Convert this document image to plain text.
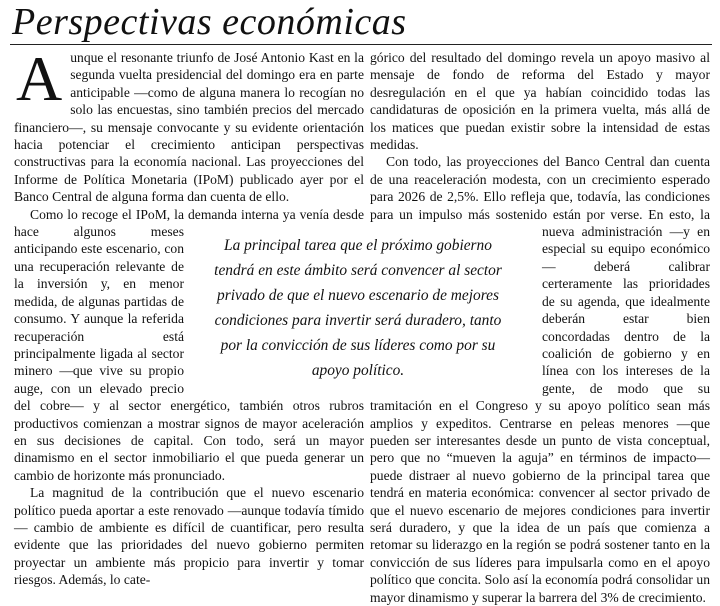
Perspectivas económicas

Aunque el resonante triunfo de José Antonio Kast en la segunda vuelta presidencial del domingo era en parte anticipable —como de alguna manera lo recogían no solo las encuestas, sino también precios del mercado financiero—, su mensaje convocante y su evidente orientación hacia potenciar el crecimiento anticipan perspectivas constructivas para la economía nacional. Las proyecciones del Informe de Política Monetaria (IPoM) publicado ayer por el Banco Central de alguna forma dan cuenta de ello.

Como lo recoge el IPoM, la demanda interna ya venía desde hace algunos meses anticipando este escenario, con una recuperación relevante de la inversión y, en menor medida, de algunas partidas de consumo. Y aunque la referida recuperación está principalmente ligada al sector minero —que vive su propio auge, con un elevado precio del cobre— y al sector energético, también otros rubros productivos comienzan a mostrar signos de mayor aceleración en sus decisiones de capital. Con todo, será un mayor dinamismo en el sector inmobiliario el que pueda generar un cambio de horizonte más pronunciado.

La magnitud de la contribución que el nuevo escenario político pueda aportar a este renovado —aunque todavía tímido— cambio de ambiente es difícil de cuantificar, pero resulta evidente que las prioridades del nuevo gobierno permiten proyectar un ambiente más propicio para invertir y tomar riesgos. Además, lo cate-

górico del resultado del domingo revela un apoyo masivo al mensaje de fondo de reforma del Estado y mayor desregulación en el que ya habían coincidido todas las candidaturas de oposición en la primera vuelta, más allá de los matices que puedan existir sobre la intensidad de estas medidas.

Con todo, las proyecciones del Banco Central dan cuenta de una reaceleración modesta, con un crecimiento esperado para 2026 de 2,5%. Ello refleja que, todavía, las condiciones para un impulso más sostenido están por verse. En esto, la nueva administración —y en especial su equipo económico— deberá calibrar certeramente las prioridades de su agenda, que idealmente deberán estar bien concordadas dentro de la coalición de gobierno y en línea con los intereses de la gente, de modo que su tramitación en el Congreso y su apoyo político sean más amplios y expeditos. Centrarse en peleas menores —que pueden ser interesantes desde un punto de vista conceptual, pero que no “mueven la aguja” en términos de impacto— puede distraer al nuevo gobierno de la principal tarea que tendrá en materia económica: convencer al sector privado de que el nuevo escenario de mejores condiciones para invertir será duradero, y que la idea de un país que comienza a retomar su liderazgo en la región se podrá sostener tanto en la convicción de sus líderes para impulsarla como en el apoyo político que concita. Solo así la economía podrá consolidar un mayor dinamismo y superar la barrera del 3% de crecimiento.

La principal tarea que el próximo gobierno tendrá en este ámbito será convencer al sector privado de que el nuevo escenario de mejores condiciones para invertir será duradero, tanto por la convicción de sus líderes como por su apoyo político.
